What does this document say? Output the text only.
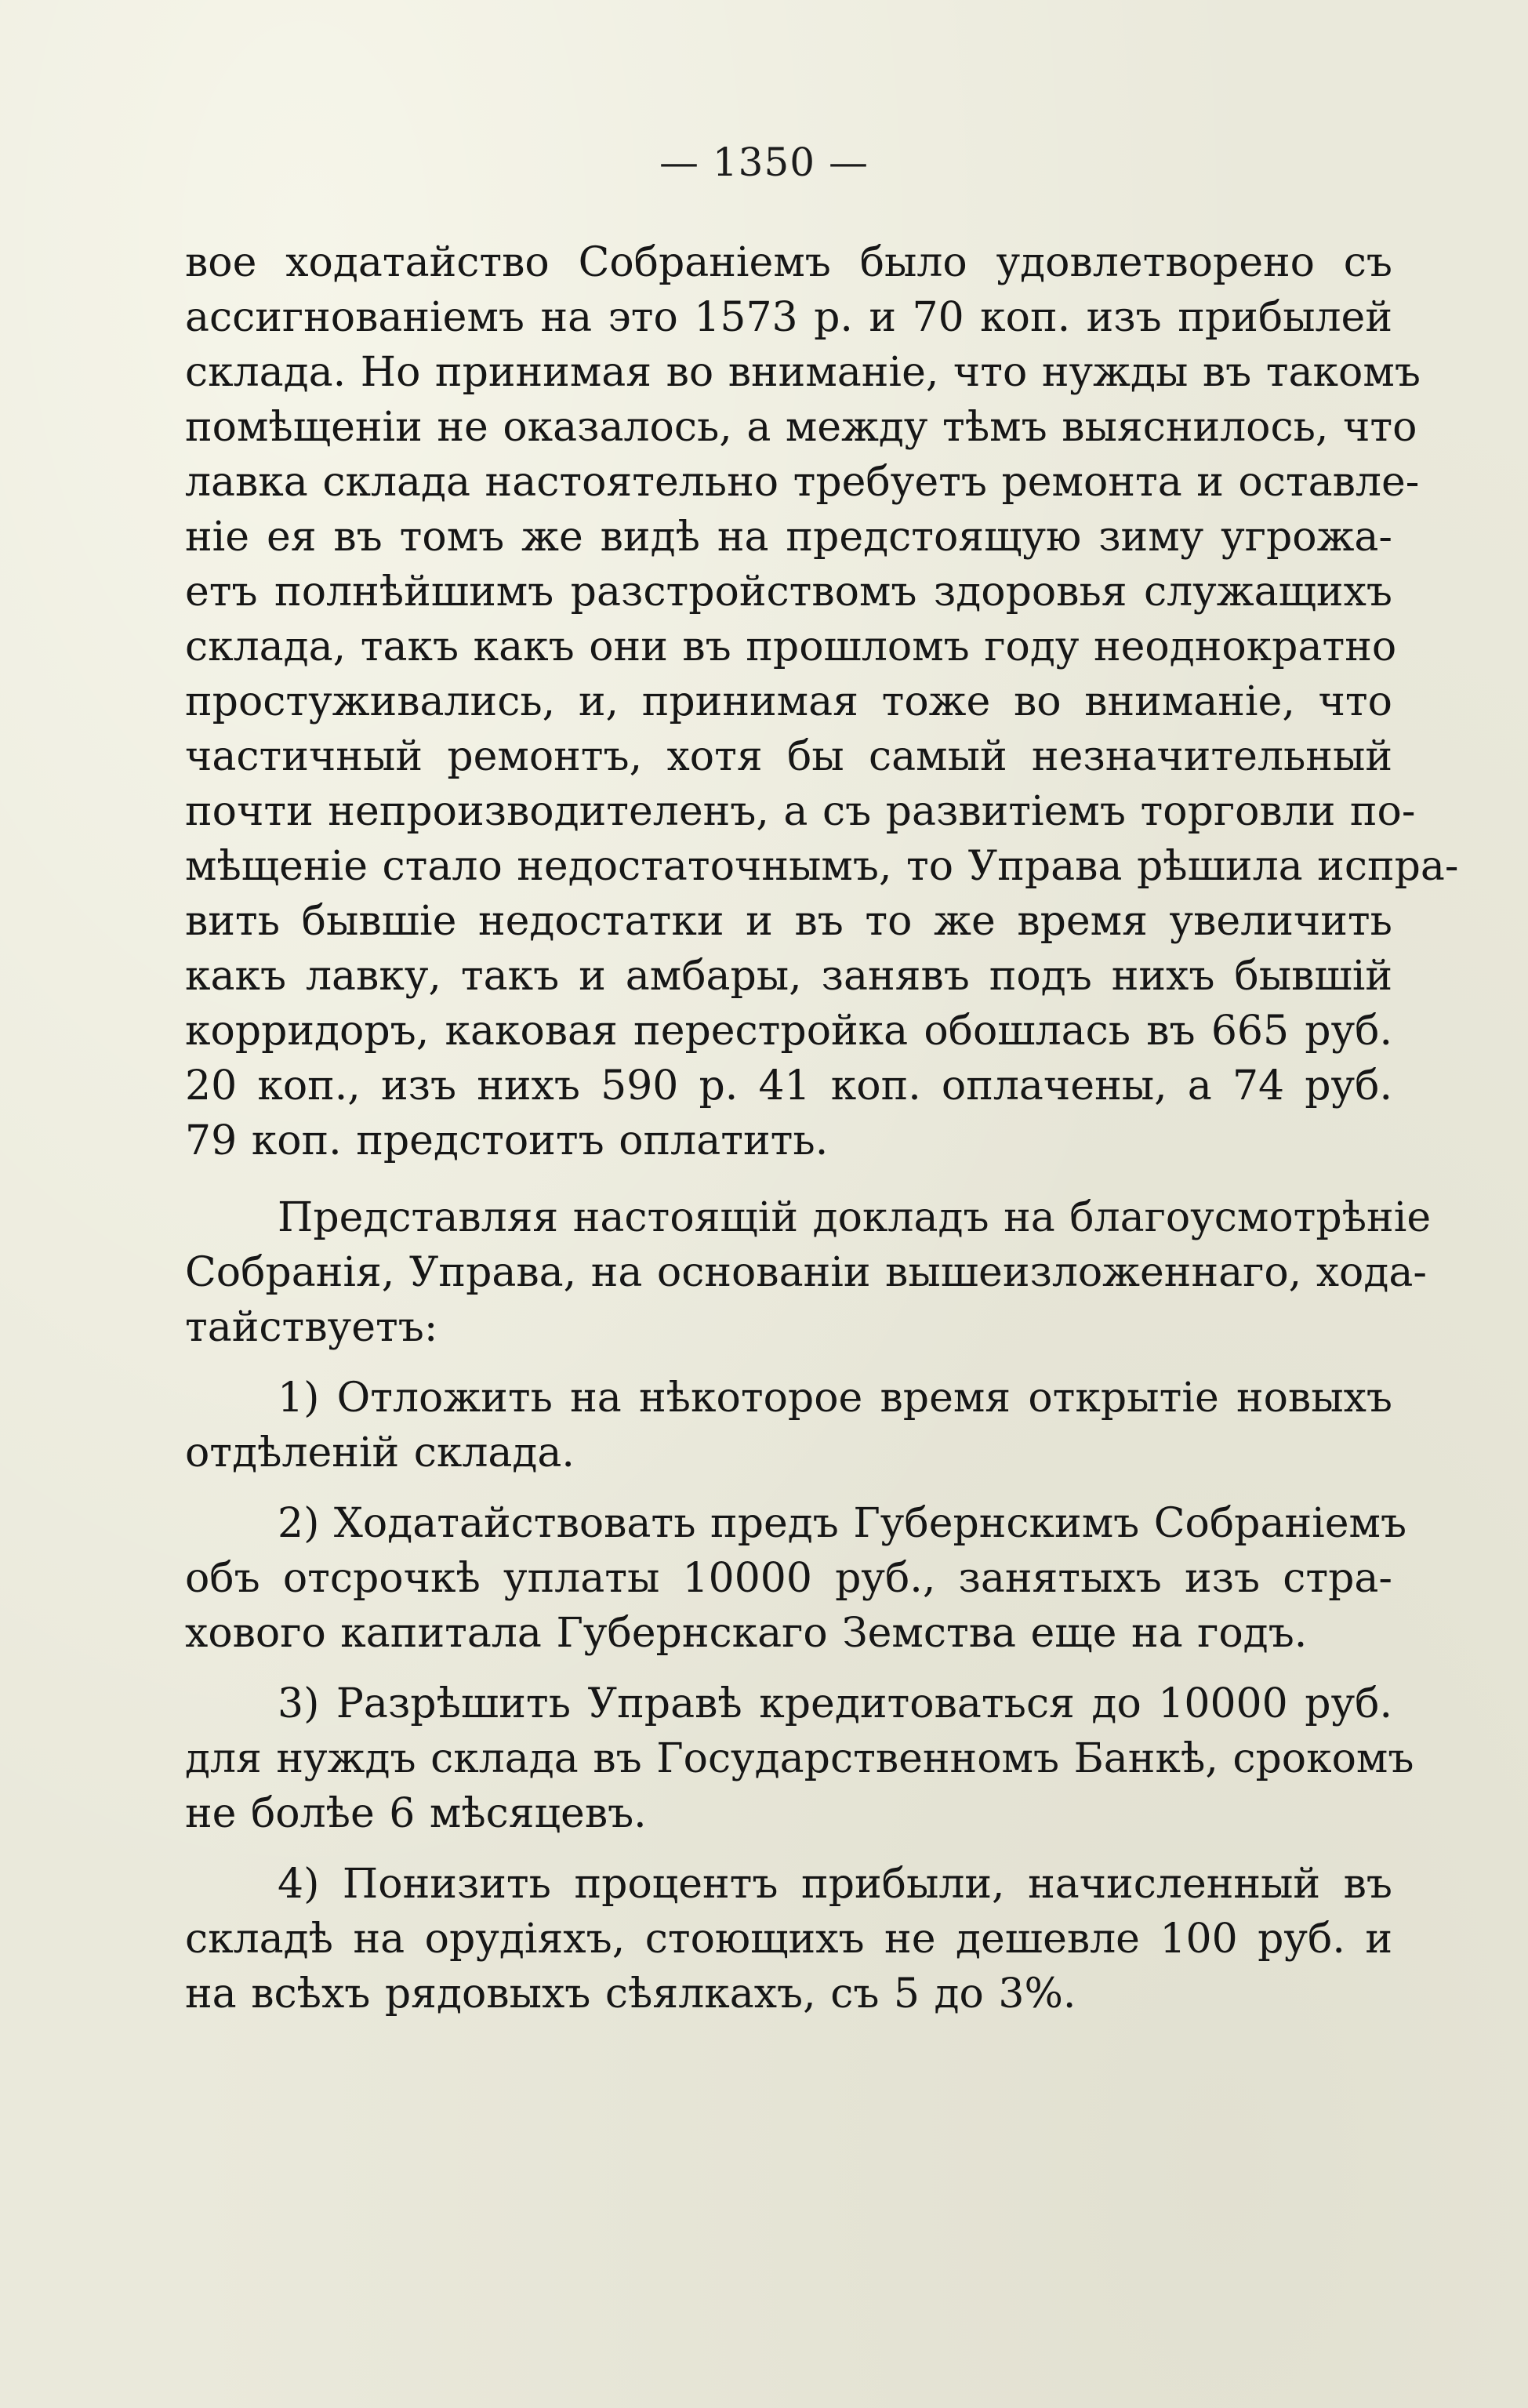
— 1350 —
вое ходатайство Собраніемъ было удовлетворено съ
ассигнованіемъ на это 1573 р. и 70 коп. изъ прибылей
склада. Но принимая во вниманіе, что нужды въ такомъ
помѣщеніи не оказалось, а между тѣмъ выяснилось, что
лавка склада настоятельно требуетъ ремонта и оставле-
ніе ея въ томъ же видѣ на предстоящую зиму угрожа-
етъ полнѣйшимъ разстройствомъ здоровья служащихъ
склада, такъ какъ они въ прошломъ году неоднократно
простуживались, и, принимая тоже во вниманіе, что
частичный ремонтъ, хотя бы самый незначительный
почти непроизводителенъ, а съ развитіемъ торговли по-
мѣщеніе стало недостаточнымъ, то Управа рѣшила испра-
вить бывшіе недостатки и въ то же время увеличить
какъ лавку, такъ и амбары, занявъ подъ нихъ бывшій
корридоръ, каковая перестройка обошлась въ 665 руб.
20 коп., изъ нихъ 590 р. 41 коп. оплачены, а 74 руб.
79 коп. предстоитъ оплатить.
Представляя настоящій докладъ на благоусмотрѣніе
Собранія, Управа, на основаніи вышеизложеннаго, хода-
тайствуетъ:
1) Отложить на нѣкоторое время открытіе новыхъ
отдѣленій склада.
2) Ходатайствовать предъ Губернскимъ Собраніемъ
объ отсрочкѣ уплаты 10000 руб., занятыхъ изъ стра-
хового капитала Губернскаго Земства еще на годъ.
3) Разрѣшить Управѣ кредитоваться до 10000 руб.
для нуждъ склада въ Государственномъ Банкѣ, срокомъ
не болѣе 6 мѣсяцевъ.
4) Понизить процентъ прибыли, начисленный въ
складѣ на орудіяхъ, стоющихъ не дешевле 100 руб. и
на всѣхъ рядовыхъ сѣялкахъ, съ 5 до 3%.
